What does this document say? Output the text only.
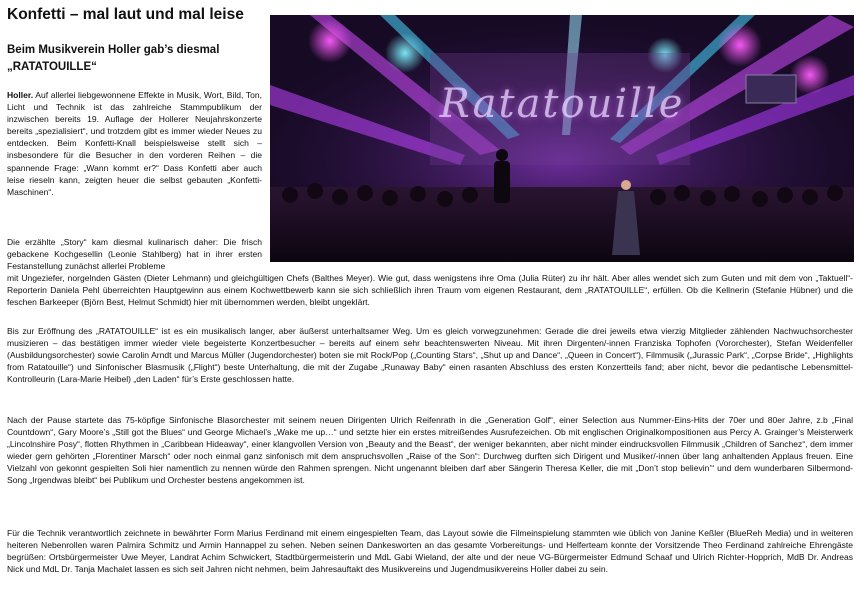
Konfetti – mal laut und mal leise
Beim Musikverein Holler gab’s diesmal
„RATATOUILLE“

Holler. Auf allerlei liebgewonnene Effekte in Musik, Wort, Bild, Ton, Licht und Technik ist das zahlreiche Stammpublikum der inzwischen bereits 19. Auflage der Hollerer Neujahrskonzerte bereits „spezialisiert“, und trotzdem gibt es immer wieder Neues zu entdecken. Beim Konfetti-Knall beispielsweise stellt sich – insbesondere für die Besucher in den vorderen Reihen – die spannende Frage: „Wann kommt er?“ Dass Konfetti aber auch leise rieseln kann, zeigten heuer die selbst gebauten „Konfetti-Maschinen“.

Die erzählte „Story“ kam diesmal kulinarisch daher: Die frisch gebackene Kochgesellin (Leonie Stahlberg) hat in ihrer ersten Festanstellung zunächst allerlei Probleme

mit Ungeziefer, norgelnden Gästen (Dieter Lehmann) und gleichgültigen Chefs (Balthes Meyer). Wie gut, dass wenigstens ihre Oma (Julia Rüter) zu ihr hält. Aber alles wendet sich zum Guten und mit dem von „Taktuell“-Reporterin Daniela Pehl überreichten Hauptgewinn aus einem Kochwettbewerb kann sie sich schließlich ihren Traum vom eigenen Restaurant, dem „RATATOUILLE“, erfüllen. Ob die Kellnerin (Stefanie Hübner) und die feschen Barkeeper (Björn Best, Helmut Schmidt) hier mit übernommen werden, bleibt ungeklärt.

Bis zur Eröffnung des „RATATOUILLE“ ist es ein musikalisch langer, aber äußerst unterhaltsamer Weg. Um es gleich vorwegzunehmen: Gerade die drei jeweils etwa vierzig Mitglieder zählenden Nachwuchsorchester musizieren – das bestätigen immer wieder viele begeisterte Konzertbesucher – bereits auf einem sehr beachtenswerten Niveau. Mit ihren Dirgenten/-innen Franziska Tophofen (Vororchester), Stefan Weidenfeller (Ausbildungsorchester) sowie Carolin Arndt und Marcus Müller (Jugendorchester) boten sie mit Rock/Pop („Counting Stars“, „Shut up and Dance“, „Queen in Concert“), Filmmusik („Jurassic Park“, „Corpse Bride“, „Highlights from Ratatouille“) und Sinfonischer Blasmusik („Flight“) beste Unterhaltung, die mit der Zugabe „Runaway Baby“ einen rasanten Abschluss des ersten Konzertteils fand; aber nicht, bevor die pedantische Lebensmittel-Kontrolleurin (Lara-Marie Heibel) „den Laden“ für’s Erste geschlossen hatte.

Nach der Pause startete das 75-köpfige Sinfonische Blasorchester mit seinem neuen Dirigenten Ulrich Reifenrath in die „Generation Golf“, einer Selection aus Nummer-Eins-Hits der 70er und 80er Jahre, z.b „Final Countdown“, Gary Moore’s „Still got the Blues“ und George Michael’s „Wake me up…“ und setzte hier ein erstes mitreißendes Ausrufezeichen. Ob mit englischen Originalkompositionen aus Percy A. Grainger’s Meisterwerk „Lincolnshire Posy“, flotten Rhythmen in „Caribbean Hideaway“, einer klangvollen Version von „Beauty and the Beast“, der weniger bekannten, aber nicht minder eindrucksvollen Filmmusik „Children of Sanchez“, dem immer wieder gern gehörten „Florentiner Marsch“ oder noch einmal ganz sinfonisch mit dem anspruchsvollen „Raise of the Son“: Durchweg durften sich Dirigent und Musiker/-innen über lang anhaltenden Applaus freuen. Eine Vielzahl von gekonnt gespielten Soli hier namentlich zu nennen würde den Rahmen sprengen. Nicht ungenannt bleiben darf aber Sängerin Theresa Keller, die mit „Don’t stop believin’“ und dem wunderbaren Silbermond-Song „Irgendwas bleibt“ bei Publikum und Orchester bestens angekommen ist.

Für die Technik verantwortlich zeichnete in bewährter Form Marius Ferdinand mit einem eingespielten Team, das Layout sowie die Filmeinspielung stammten wie üblich von Janine Keßler (BlueReh Media) und in weiteren heiteren Nebenrollen waren Palmira Schmitz und Armin Hannappel zu sehen. Neben seinen Dankesworten an das gesamte Vorbereitungs- und Helferteam konnte der Vorsitzende Theo Ferdinand zahlreiche Ehrengäste begrüßen: Ortsbürgermeister Uwe Meyer, Landrat Achim Schwickert, Stadtbürgermeisterin und MdL Gabi Wieland, der alte und der neue VG-Bürgermeister Edmund Schaaf und Ulrich Richter-Hopprich, MdB Dr. Andreas Nick und MdL Dr. Tanja Machalet lassen es sich seit Jahren nicht nehmen, beim Jahresauftakt des Musikvereins und Jugendmusikvereins Holler dabei zu sein.

Ratatouille
